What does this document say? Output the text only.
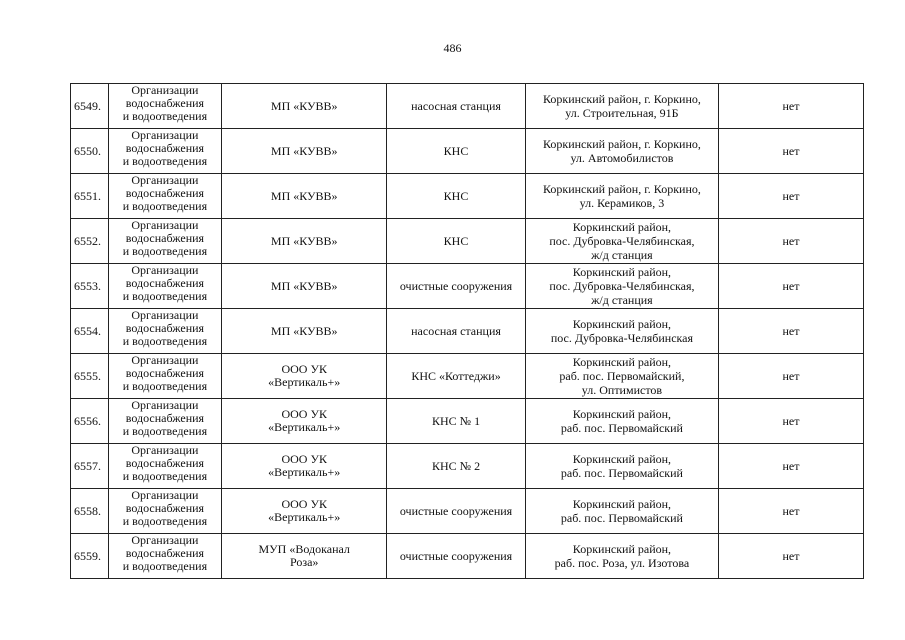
486
6549.	Организации
водоснабжения
и водоотведения	МП «КУВВ»	насосная станция	Коркинский район, г. Коркино,
ул. Строительная, 91Б	нет
6550.	Организации
водоснабжения
и водоотведения	МП «КУВВ»	КНС	Коркинский район, г. Коркино,
ул. Автомобилистов	нет
6551.	Организации
водоснабжения
и водоотведения	МП «КУВВ»	КНС	Коркинский район, г. Коркино,
ул. Керамиков, 3	нет
6552.	Организации
водоснабжения
и водоотведения	МП «КУВВ»	КНС	Коркинский район,
пос. Дубровка-Челябинская,
ж/д станция	нет
6553.	Организации
водоснабжения
и водоотведения	МП «КУВВ»	очистные сооружения	Коркинский район,
пос. Дубровка-Челябинская,
ж/д станция	нет
6554.	Организации
водоснабжения
и водоотведения	МП «КУВВ»	насосная станция	Коркинский район,
пос. Дубровка-Челябинская	нет
6555.	Организации
водоснабжения
и водоотведения	ООО УК
«Вертикаль+»	КНС «Коттеджи»	Коркинский район,
раб. пос. Первомайский,
ул. Оптимистов	нет
6556.	Организации
водоснабжения
и водоотведения	ООО УК
«Вертикаль+»	КНС № 1	Коркинский район,
раб. пос. Первомайский	нет
6557.	Организации
водоснабжения
и водоотведения	ООО УК
«Вертикаль+»	КНС № 2	Коркинский район,
раб. пос. Первомайский	нет
6558.	Организации
водоснабжения
и водоотведения	ООО УК
«Вертикаль+»	очистные сооружения	Коркинский район,
раб. пос. Первомайский	нет
6559.	Организации
водоснабжения
и водоотведения	МУП «Водоканал
Роза»	очистные сооружения	Коркинский район,
раб. пос. Роза, ул. Изотова	нет
